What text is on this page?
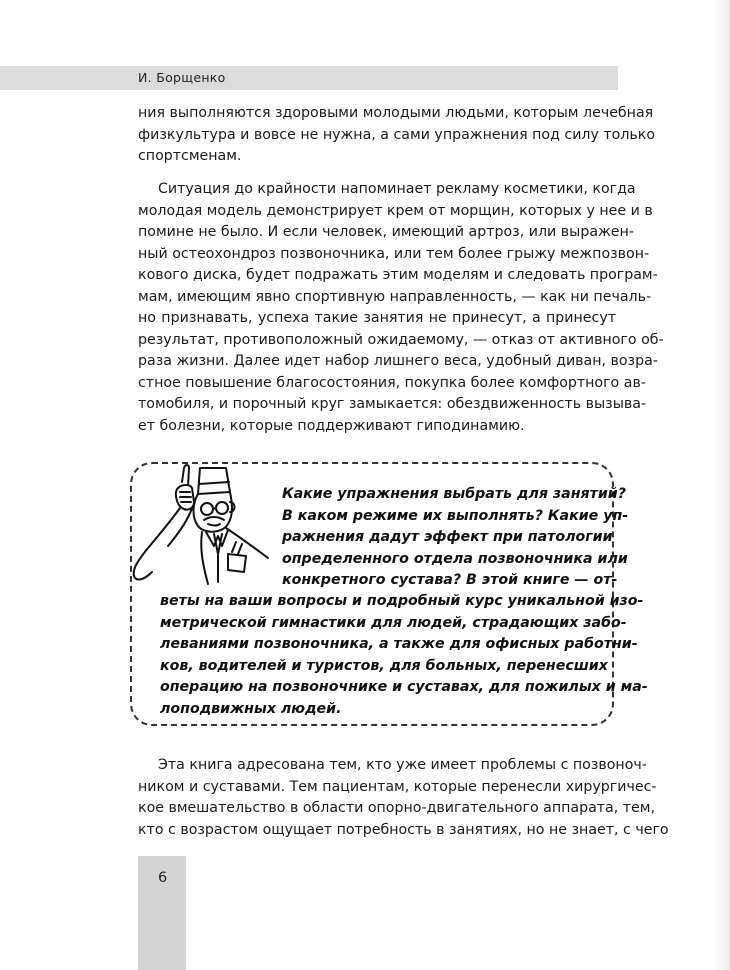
И. Борщенко
ния выполняются здоровыми молодыми людьми, которым лечебная
физкультура и вовсе не нужна, а сами упражнения под силу только
спортсменам.
Ситуация до крайности напоминает рекламу косметики, когда
молодая модель демонстрирует крем от морщин, которых у нее и в
помине не было. И если человек, имеющий артроз, или выражен-
ный остеохондроз позвоночника, или тем более грыжу межпозвон-
кового диска, будет подражать этим моделям и следовать програм-
мам, имеющим явно спортивную направленность, — как ни печаль-
но признавать, успеха такие занятия не принесут, а принесут
результат, противоположный ожидаемому, — отказ от активного об-
раза жизни. Далее идет набор лишнего веса, удобный диван, возра-
стное повышение благосостояния, покупка более комфортного ав-
томобиля, и порочный круг замыкается: обездвиженность вызыва-
ет болезни, которые поддерживают гиподинамию.
Какие упражнения выбрать для занятий?
В каком режиме их выполнять? Какие уп-
ражнения дадут эффект при патологии
определенного отдела позвоночника или
конкретного сустава? В этой книге — от-
веты на ваши вопросы и подробный курс уникальной изо-
метрической гимнастики для людей, страдающих забо-
леваниями позвоночника, а также для офисных работни-
ков, водителей и туристов, для больных, перенесших
операцию на позвоночнике и суставах, для пожилых и ма-
лоподвижных людей.
Эта книга адресована тем, кто уже имеет проблемы с позвоноч-
ником и суставами. Тем пациентам, которые перенесли хирургичес-
кое вмешательство в области опорно-двигательного аппарата, тем,
кто с возрастом ощущает потребность в занятиях, но не знает, с чего
6
